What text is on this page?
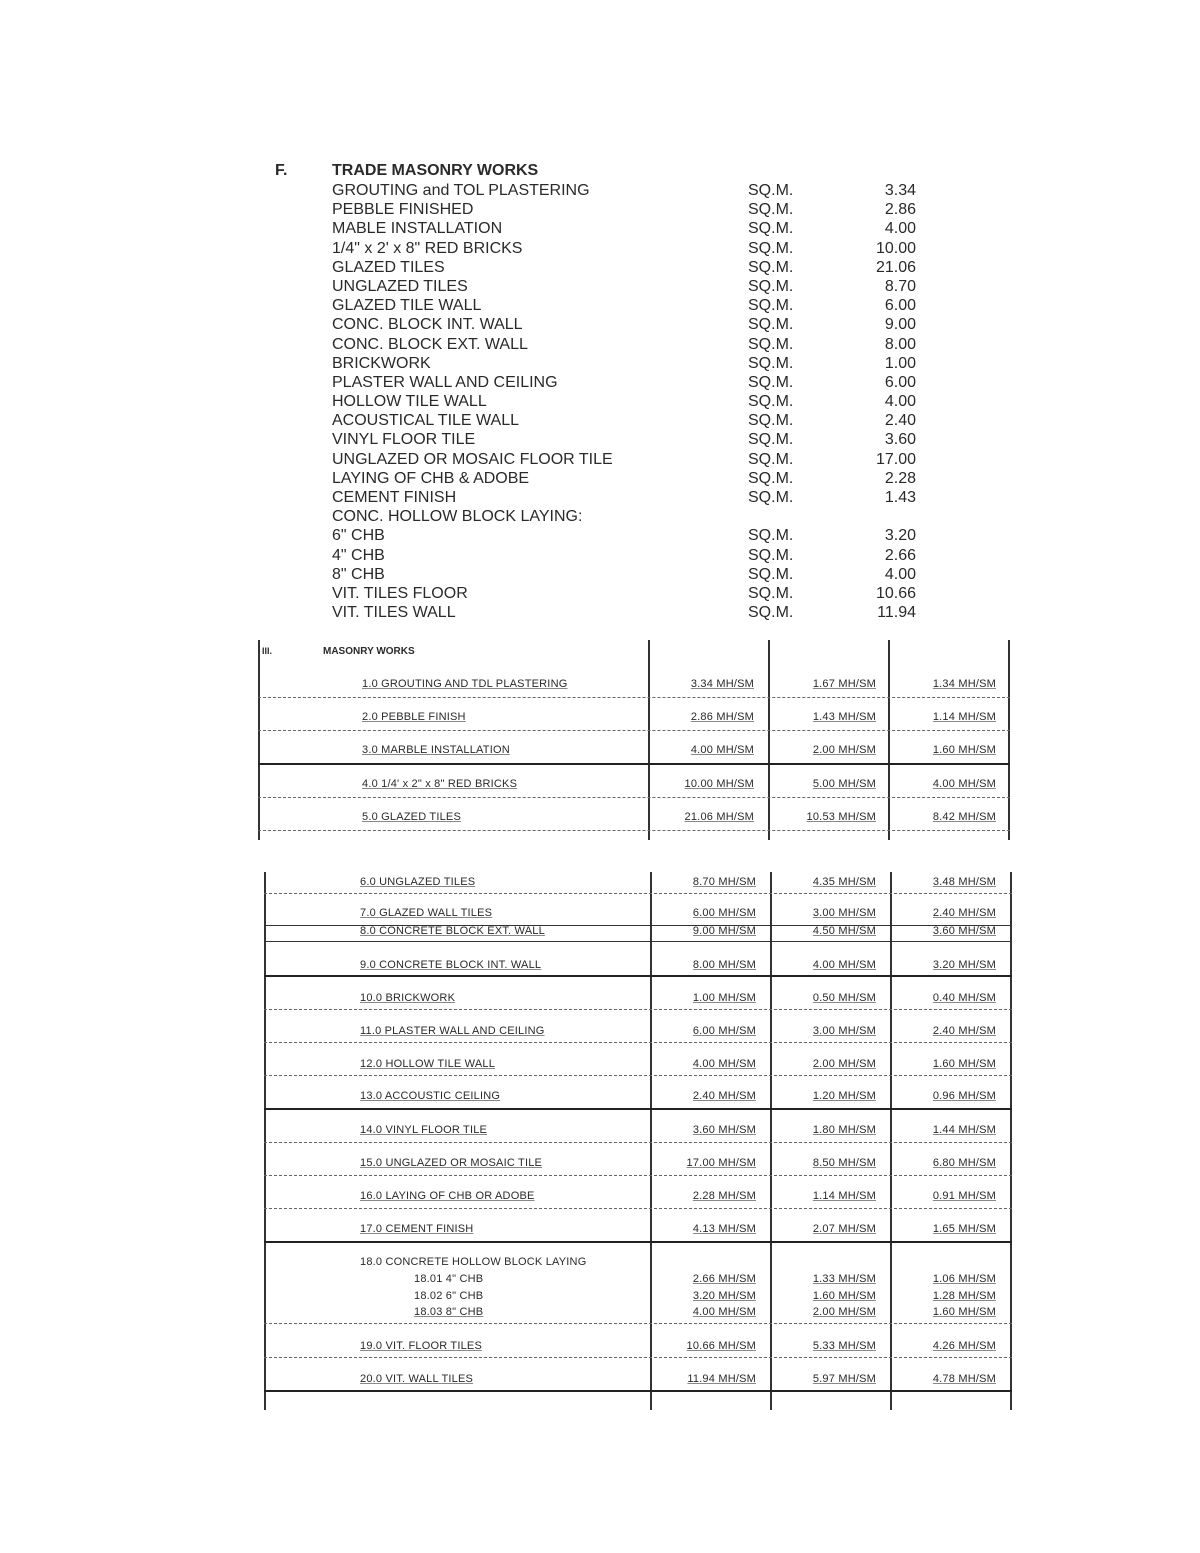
F.	TRADE MASONRY WORKS
GROUTING and TOL PLASTERING	SQ.M.	3.34
PEBBLE FINISHED	SQ.M.	2.86
MABLE INSTALLATION	SQ.M.	4.00
1/4" x 2' x 8" RED BRICKS	SQ.M.	10.00
GLAZED TILES	SQ.M.	21.06
UNGLAZED TILES	SQ.M.	8.70
GLAZED TILE WALL	SQ.M.	6.00
CONC. BLOCK INT. WALL	SQ.M.	9.00
CONC. BLOCK EXT. WALL	SQ.M.	8.00
BRICKWORK	SQ.M.	1.00
PLASTER WALL AND CEILING	SQ.M.	6.00
HOLLOW TILE WALL	SQ.M.	4.00
ACOUSTICAL TILE WALL	SQ.M.	2.40
VINYL FLOOR TILE	SQ.M.	3.60
UNGLAZED OR MOSAIC FLOOR TILE	SQ.M.	17.00
LAYING OF CHB & ADOBE	SQ.M.	2.28
CEMENT FINISH	SQ.M.	1.43
CONC. HOLLOW BLOCK LAYING:
6" CHB	SQ.M.	3.20
4" CHB	SQ.M.	2.66
8" CHB	SQ.M.	4.00
VIT. TILES FLOOR	SQ.M.	10.66
VIT. TILES WALL	SQ.M.	11.94
III.	MASONRY WORKS
1.0 GROUTING AND TDL PLASTERING	3.34 MH/SM	1.67 MH/SM	1.34 MH/SM
2.0 PEBBLE FINISH	2.86 MH/SM	1.43 MH/SM	1.14 MH/SM
3.0 MARBLE INSTALLATION	4.00 MH/SM	2.00 MH/SM	1.60 MH/SM
4.0 1/4' x 2" x 8" RED BRICKS	10.00 MH/SM	5.00 MH/SM	4.00 MH/SM
5.0 GLAZED TILES	21.06 MH/SM	10.53 MH/SM	8.42 MH/SM
6.0 UNGLAZED TILES	8.70 MH/SM	4.35 MH/SM	3.48 MH/SM
7.0 GLAZED WALL TILES	6.00 MH/SM	3.00 MH/SM	2.40 MH/SM
8.0 CONCRETE BLOCK EXT. WALL	9.00 MH/SM	4.50 MH/SM	3.60 MH/SM
9.0 CONCRETE BLOCK INT. WALL	8.00 MH/SM	4.00 MH/SM	3.20 MH/SM
10.0 BRICKWORK	1.00 MH/SM	0.50 MH/SM	0.40 MH/SM
11.0 PLASTER WALL AND CEILING	6.00 MH/SM	3.00 MH/SM	2.40 MH/SM
12.0 HOLLOW TILE WALL	4.00 MH/SM	2.00 MH/SM	1.60 MH/SM
13.0 ACCOUSTIC CEILING	2.40 MH/SM	1.20 MH/SM	0.96 MH/SM
14.0 VINYL FLOOR TILE	3.60 MH/SM	1.80 MH/SM	1.44 MH/SM
15.0 UNGLAZED OR MOSAIC TILE	17.00 MH/SM	8.50 MH/SM	6.80 MH/SM
16.0 LAYING OF CHB OR ADOBE	2.28 MH/SM	1.14 MH/SM	0.91 MH/SM
17.0 CEMENT FINISH	4.13 MH/SM	2.07 MH/SM	1.65 MH/SM
18.0 CONCRETE HOLLOW BLOCK LAYING
18.01 4" CHB	2.66 MH/SM	1.33 MH/SM	1.06 MH/SM
18.02 6" CHB	3.20 MH/SM	1.60 MH/SM	1.28 MH/SM
18.03 8" CHB	4.00 MH/SM	2.00 MH/SM	1.60 MH/SM
19.0 VIT. FLOOR TILES	10.66 MH/SM	5.33 MH/SM	4.26 MH/SM
20.0 VIT. WALL TILES	11.94 MH/SM	5.97 MH/SM	4.78 MH/SM
